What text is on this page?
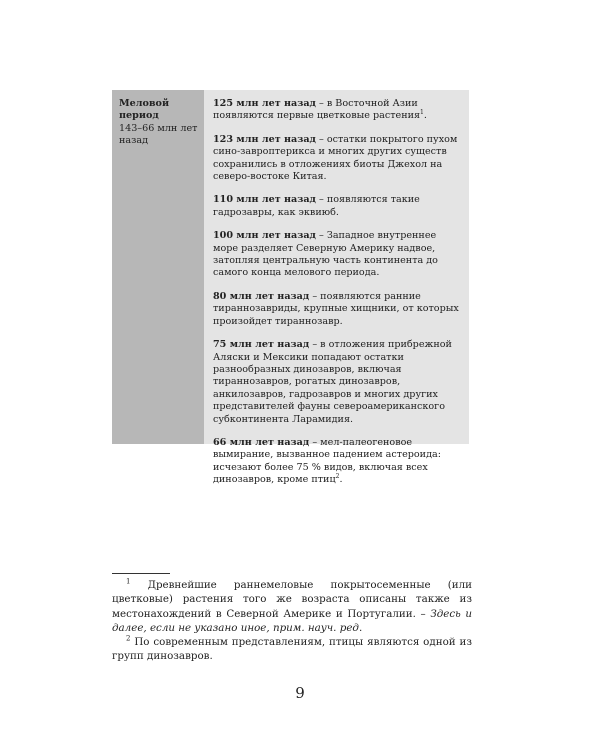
Меловой период
143–66 млн лет назад

125 млн лет назад – в Восточной Азии появляются первые цветковые растения$^1$.

123 млн лет назад – остатки покрытого пухом сино-завроптерикса и многих других существ сохранились в отложениях биоты Джехол на северо-востоке Китая.

110 млн лет назад – появляются такие гадрозавры, как эквиюб.

100 млн лет назад – Западное внутреннее море разделяет Северную Америку надвое, затопляя центральную часть континента до самого конца мелового периода.

80 млн лет назад – появляются ранние тираннозавриды, крупные хищники, от которых произойдет тираннозавр.

75 млн лет назад – в отложения прибрежной Аляски и Мексики попадают остатки разнообразных динозавров, включая тираннозавров, рогатых динозавров, анкилозавров, гадрозавров и многих других представителей фауны североамериканского субконтинента Ларамидия.

66 млн лет назад – мел-палеогеновое вымирание, вызванное падением астероида: исчезают более 75 % видов, включая всех динозавров, кроме птиц$^2$.

$^1$ Древнейшие раннемеловые покрытосеменные (или цветковые) растения того же возраста описаны также из местонахождений в Северной Америке и Португалии. – Здесь и далее, если не указано иное, прим. науч. ред.

$^2$ По современным представлениям, птицы являются одной из групп динозавров.

9
